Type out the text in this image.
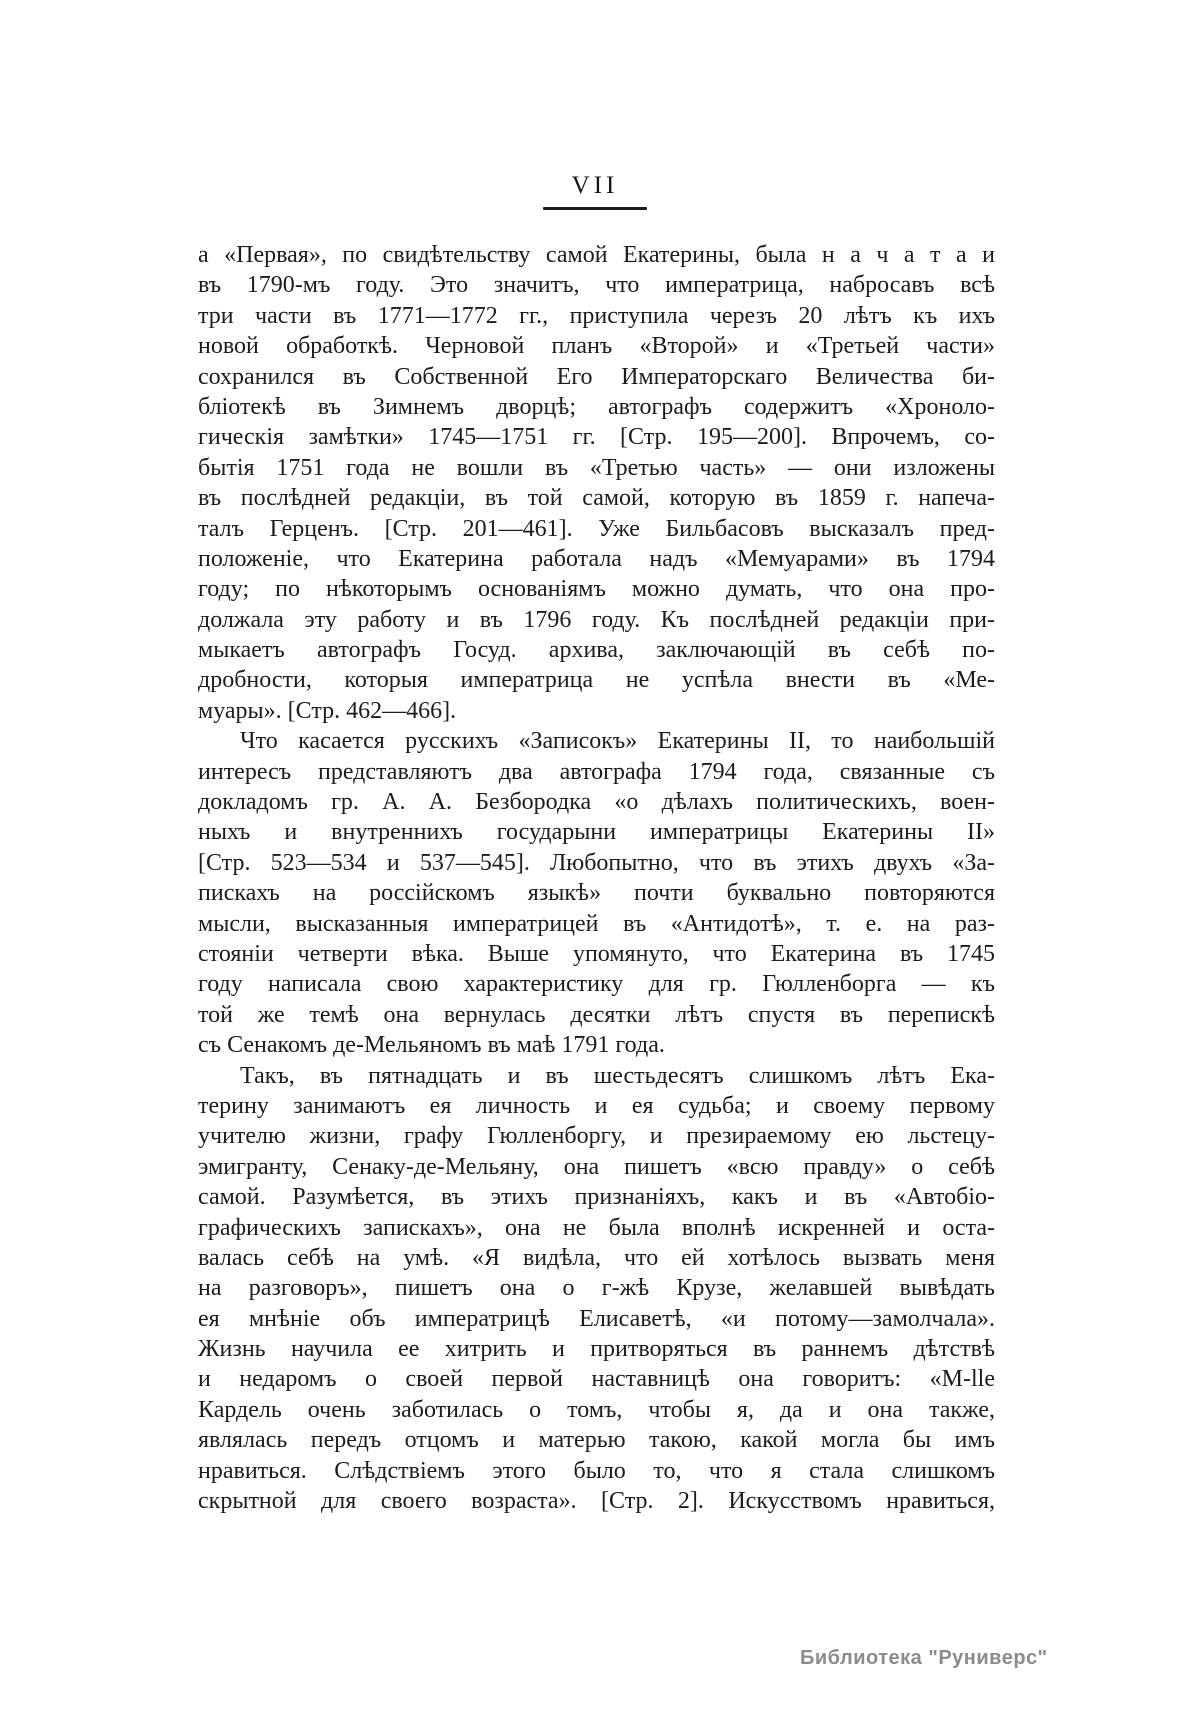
VII
а «Первая», по свидѣтельству самой Екатерины, была н а ч а т а и
въ 1790-мъ году. Это значитъ, что императрица, набросавъ всѣ
три части въ 1771—1772 гг., приступила черезъ 20 лѣтъ къ ихъ
новой обработкѣ. Черновой планъ «Второй» и «Третьей части»
сохранился въ Собственной Его Императорскаго Величества би-
бліотекѣ въ Зимнемъ дворцѣ; автографъ содержитъ «Хроноло-
гическія замѣтки» 1745—1751 гг. [Стр. 195—200]. Впрочемъ, со-
бытія 1751 года не вошли въ «Третью часть» — они изложены
въ послѣдней редакціи, въ той самой, которую въ 1859 г. напеча-
талъ Герценъ. [Стр. 201—461]. Уже Бильбасовъ высказалъ пред-
положеніе, что Екатерина работала надъ «Мемуарами» въ 1794
году; по нѣкоторымъ основаніямъ можно думать, что она про-
должала эту работу и въ 1796 году. Къ послѣдней редакціи при-
мыкаетъ автографъ Госуд. архива, заключающій въ себѣ по-
дробности, которыя императрица не успѣла внести въ «Ме-
муары». [Стр. 462—466].
Что касается русскихъ «Записокъ» Екатерины II, то наибольшій
интересъ представляютъ два автографа 1794 года, связанные съ
докладомъ гр. А. А. Безбородка «о дѣлахъ политическихъ, воен-
ныхъ и внутреннихъ государыни императрицы Екатерины II»
[Стр. 523—534 и 537—545]. Любопытно, что въ этихъ двухъ «За-
пискахъ на россійскомъ языкѣ» почти буквально повторяются
мысли, высказанныя императрицей въ «Антидотѣ», т. е. на раз-
стояніи четверти вѣка. Выше упомянуто, что Екатерина въ 1745
году написала свою характеристику для гр. Гюлленборга — къ
той же темѣ она вернулась десятки лѣтъ спустя въ перепискѣ
съ Сенакомъ де-Мельяномъ въ маѣ 1791 года.
Такъ, въ пятнадцать и въ шестьдесятъ слишкомъ лѣтъ Ека-
терину занимаютъ ея личность и ея судьба; и своему первому
учителю жизни, графу Гюлленборгу, и презираемому ею льстецу-
эмигранту, Сенаку-де-Мельяну, она пишетъ «всю правду» о себѣ
самой. Разумѣется, въ этихъ признаніяхъ, какъ и въ «Автобіо-
графическихъ запискахъ», она не была вполнѣ искренней и оста-
валась себѣ на умѣ. «Я видѣла, что ей хотѣлось вызвать меня
на разговоръ», пишетъ она о г-жѣ Крузе, желавшей вывѣдать
ея мнѣніе объ императрицѣ Елисаветѣ, «и потому—замолчала».
Жизнь научила ее хитрить и притворяться въ раннемъ дѣтствѣ
и недаромъ о своей первой наставницѣ она говоритъ: «M-lle
Кардель очень заботилась о томъ, чтобы я, да и она также,
являлась передъ отцомъ и матерью такою, какой могла бы имъ
нравиться. Слѣдствіемъ этого было то, что я стала слишкомъ
скрытной для своего возраста». [Стр. 2]. Искусствомъ нравиться,
Библиотека "Руниверс"
